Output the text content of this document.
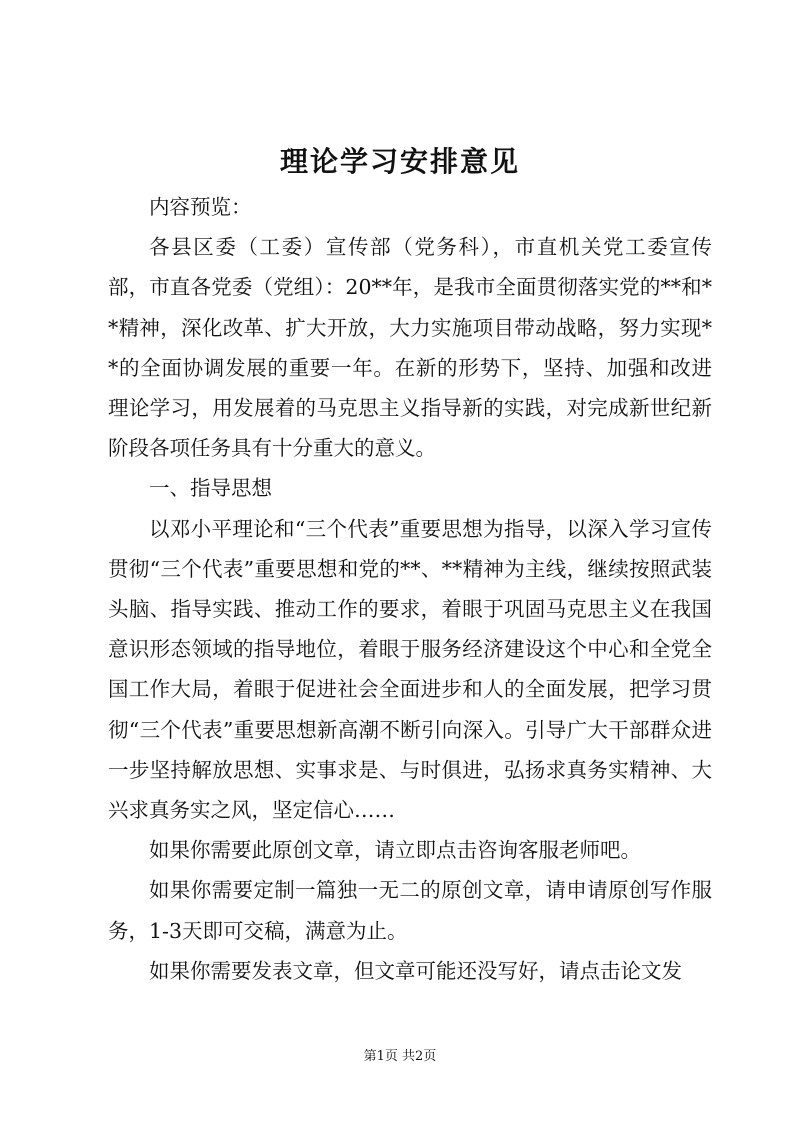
理论学习安排意见

内容预览：

各县区委（工委）宣传部（党务科），市直机关党工委宣传部，市直各党委（党组）：20**年，是我市全面贯彻落实党的**和**精神，深化改革、扩大开放，大力实施项目带动战略，努力实现**的全面协调发展的重要一年。在新的形势下，坚持、加强和改进理论学习，用发展着的马克思主义指导新的实践，对完成新世纪新阶段各项任务具有十分重大的意义。

一、指导思想

以邓小平理论和“三个代表”重要思想为指导，以深入学习宣传贯彻“三个代表”重要思想和党的**、**精神为主线，继续按照武装头脑、指导实践、推动工作的要求，着眼于巩固马克思主义在我国意识形态领域的指导地位，着眼于服务经济建设这个中心和全党全国工作大局，着眼于促进社会全面进步和人的全面发展，把学习贯彻“三个代表”重要思想新高潮不断引向深入。引导广大干部群众进一步坚持解放思想、实事求是、与时俱进，弘扬求真务实精神、大兴求真务实之风，坚定信心……

如果你需要此原创文章，请立即点击咨询客服老师吧。

如果你需要定制一篇独一无二的原创文章，请申请原创写作服务，1-3天即可交稿，满意为止。

如果你需要发表文章，但文章可能还没写好，请点击论文发

第1页 共2页
